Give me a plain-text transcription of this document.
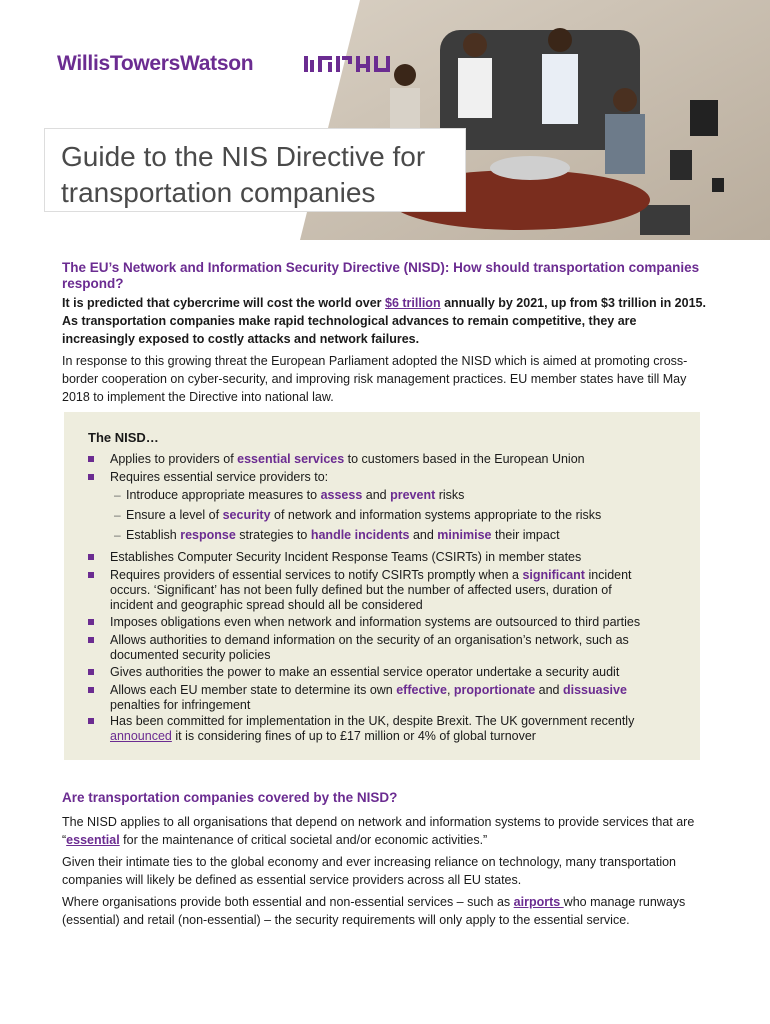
WillisTowersWatson
Guide to the NIS Directive for
transportation companies
The EU’s Network and Information Security Directive (NISD): How should transportation companies respond?

It is predicted that cybercrime will cost the world over $6 trillion annually by 2021, up from $3 trillion in 2015. As transportation companies make rapid technological advances to remain competitive, they are increasingly exposed to costly attacks and network failures.

In response to this growing threat the European Parliament adopted the NISD which is aimed at promoting cross-border cooperation on cyber-security, and improving risk management practices. EU member states have till May 2018 to implement the Directive into national law.

The NISD…
Applies to providers of essential services to customers based in the European Union
Requires essential service providers to:
– Introduce appropriate measures to assess and prevent risks
– Ensure a level of security of network and information systems appropriate to the risks
– Establish response strategies to handle incidents and minimise their impact
Establishes Computer Security Incident Response Teams (CSIRTs) in member states
Requires providers of essential services to notify CSIRTs promptly when a significant incident
occurs. ‘Significant’ has not been fully defined but the number of affected users, duration of
incident and geographic spread should all be considered
Imposes obligations even when network and information systems are outsourced to third parties
Allows authorities to demand information on the security of an organisation’s network, such as
documented security policies
Gives authorities the power to make an essential service operator undertake a security audit
Allows each EU member state to determine its own effective, proportionate and dissuasive
penalties for infringement
Has been committed for implementation in the UK, despite Brexit. The UK government recently
announced it is considering fines of up to £17 million or 4% of global turnover
Are transportation companies covered by the NISD?

The NISD applies to all organisations that depend on network and information systems to provide services that are “essential for the maintenance of critical societal and/or economic activities.”

Given their intimate ties to the global economy and ever increasing reliance on technology, many transportation companies will likely be defined as essential service providers across all EU states.

Where organisations provide both essential and non-essential services – such as airports who manage runways (essential) and retail (non-essential) – the security requirements will only apply to the essential service.
